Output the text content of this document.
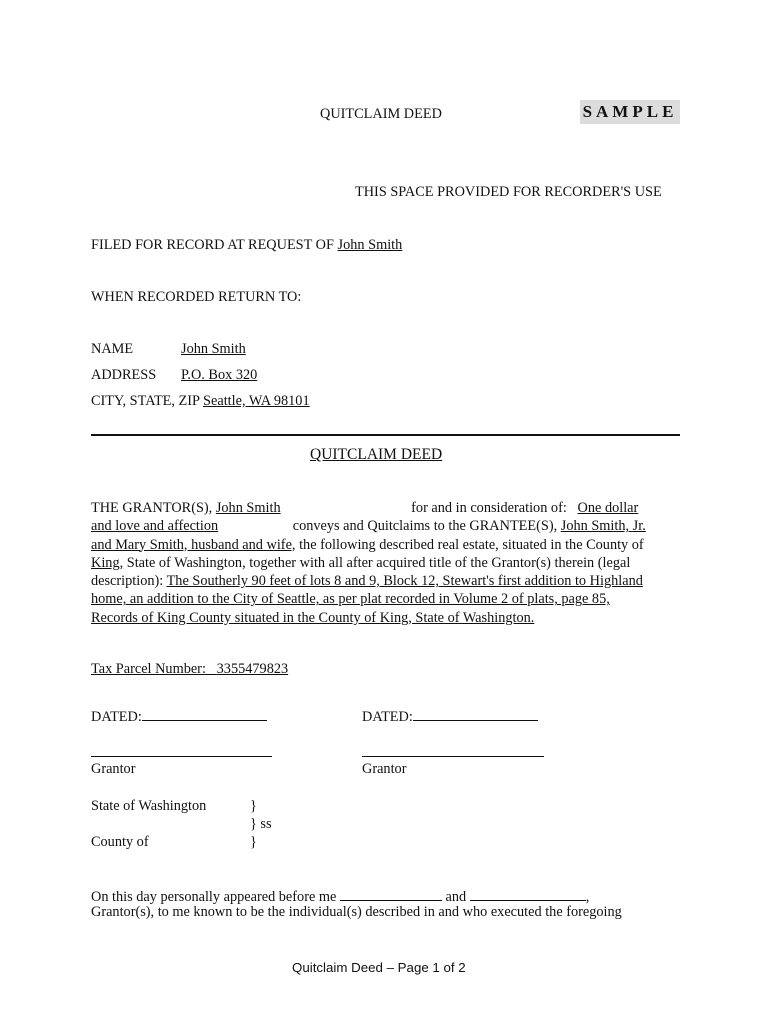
QUITCLAIM DEED	SAMPLE
THIS SPACE PROVIDED FOR RECORDER'S USE
FILED FOR RECORD AT REQUEST OF John Smith
WHEN RECORDED RETURN TO:
NAME	John Smith
ADDRESS P.O. Box 320
CITY, STATE, ZIP Seattle, WA 98101
QUITCLAIM DEED
THE GRANTOR(S), John Smith	for and in consideration of: One dollar
and love and affection	conveys and Quitclaims to the GRANTEE(S), John Smith, Jr.
and Mary Smith, husband and wife, the following described real estate, situated in the County of
King, State of Washington, together with all after acquired title of the Grantor(s) therein (legal
description): The Southerly 90 feet of lots 8 and 9, Block 12, Stewart's first addition to Highland
home, an addition to the City of Seattle, as per plat recorded in Volume 2 of plats, page 85,
Records of King County situated in the County of King, State of Washington.
Tax Parcel Number: 3355479823
DATED:	DATED:
Grantor	Grantor
State of Washington	}
} ss
County of	}
On this day personally appeared before me	and	,
Grantor(s), to me known to be the individual(s) described in and who executed the foregoing
Quitclaim Deed – Page 1 of 2
